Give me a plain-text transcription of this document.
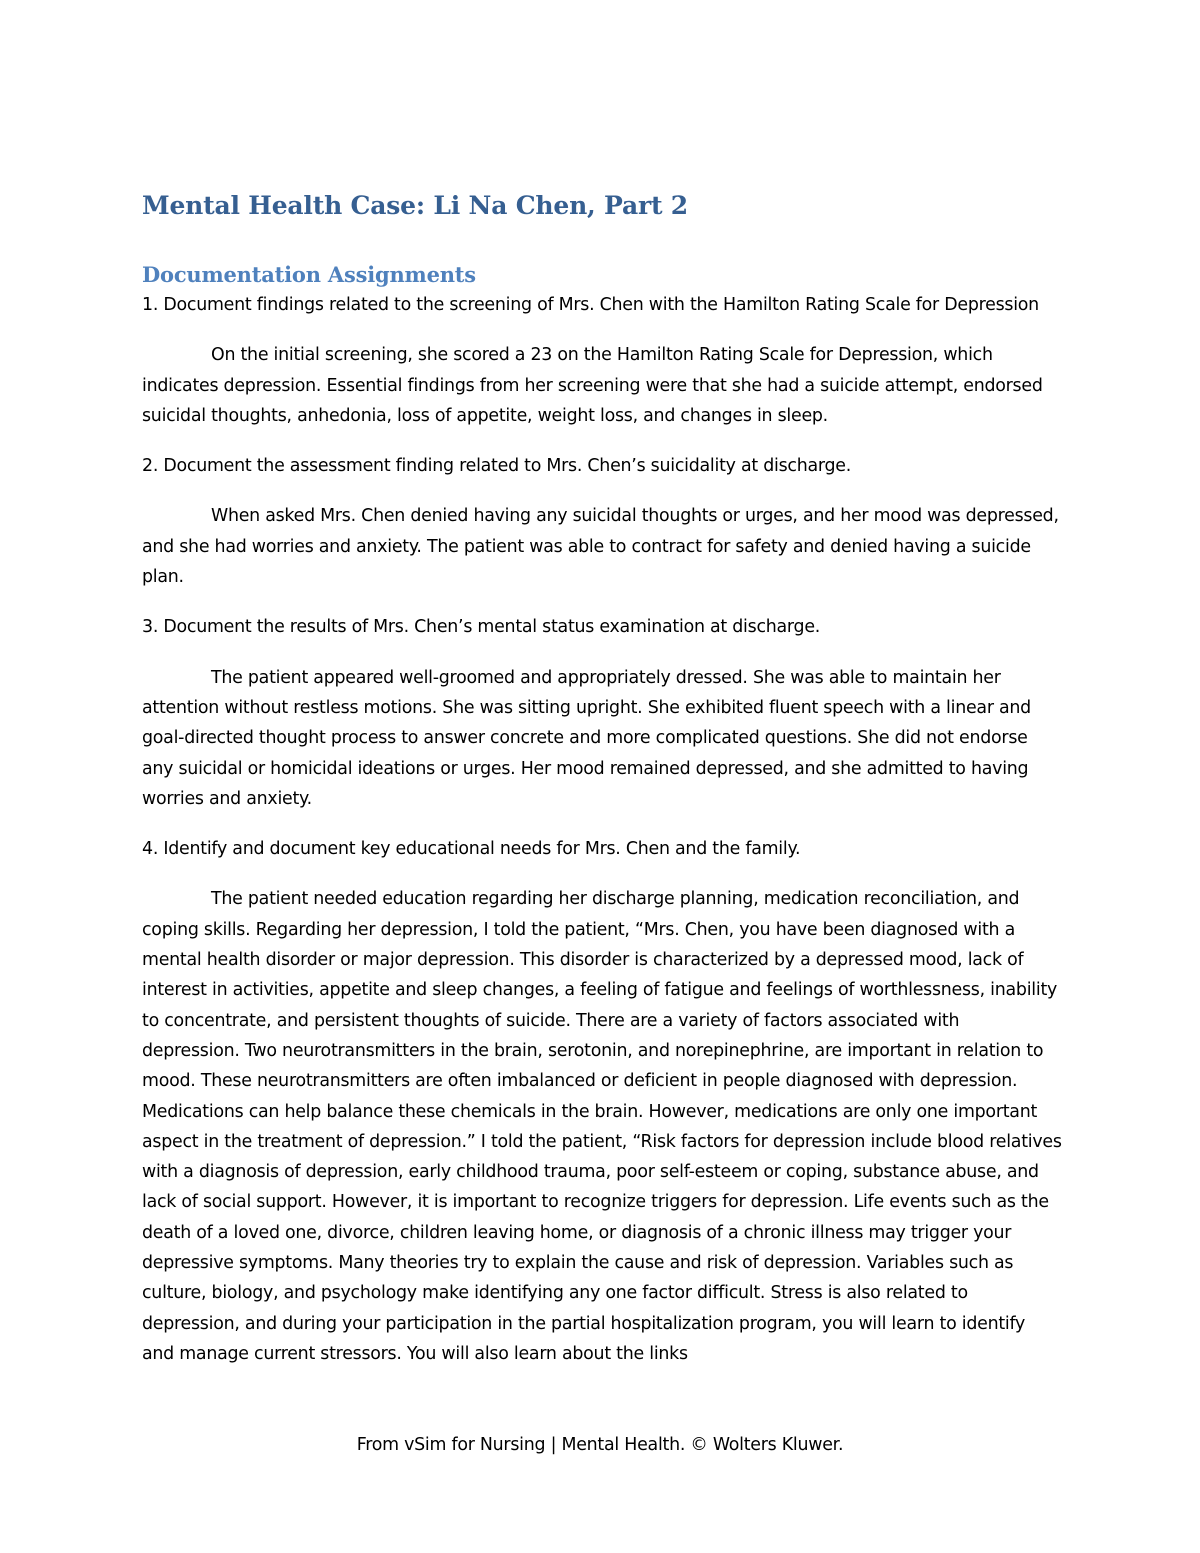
Mental Health Case: Li Na Chen, Part 2
Documentation Assignments

1. Document findings related to the screening of Mrs. Chen with the Hamilton Rating Scale for Depression

On the initial screening, she scored a 23 on the Hamilton Rating Scale for Depression, which indicates depression. Essential findings from her screening were that she had a suicide attempt, endorsed suicidal thoughts, anhedonia, loss of appetite, weight loss, and changes in sleep.

2. Document the assessment finding related to Mrs. Chen’s suicidality at discharge.

When asked Mrs. Chen denied having any suicidal thoughts or urges, and her mood was depressed, and she had worries and anxiety. The patient was able to contract for safety and denied having a suicide plan.

3. Document the results of Mrs. Chen’s mental status examination at discharge.

The patient appeared well-groomed and appropriately dressed. She was able to maintain her attention without restless motions. She was sitting upright. She exhibited fluent speech with a linear and goal-directed thought process to answer concrete and more complicated questions. She did not endorse any suicidal or homicidal ideations or urges. Her mood remained depressed, and she admitted to having worries and anxiety.

4. Identify and document key educational needs for Mrs. Chen and the family.

The patient needed education regarding her discharge planning, medication reconciliation, and coping skills. Regarding her depression, I told the patient, “Mrs. Chen, you have been diagnosed with a mental health disorder or major depression. This disorder is characterized by a depressed mood, lack of interest in activities, appetite and sleep changes, a feeling of fatigue and feelings of worthlessness, inability to concentrate, and persistent thoughts of suicide. There are a variety of factors associated with depression. Two neurotransmitters in the brain, serotonin, and norepinephrine, are important in relation to mood. These neurotransmitters are often imbalanced or deficient in people diagnosed with depression. Medications can help balance these chemicals in the brain. However, medications are only one important aspect in the treatment of depression.” I told the patient, “Risk factors for depression include blood relatives with a diagnosis of depression, early childhood trauma, poor self-esteem or coping, substance abuse, and lack of social support. However, it is important to recognize triggers for depression. Life events such as the death of a loved one, divorce, children leaving home, or diagnosis of a chronic illness may trigger your depressive symptoms. Many theories try to explain the cause and risk of depression. Variables such as culture, biology, and psychology make identifying any one factor difficult. Stress is also related to depression, and during your participation in the partial hospitalization program, you will learn to identify and manage current stressors. You will also learn about the links

From vSim for Nursing | Mental Health. © Wolters Kluwer.
